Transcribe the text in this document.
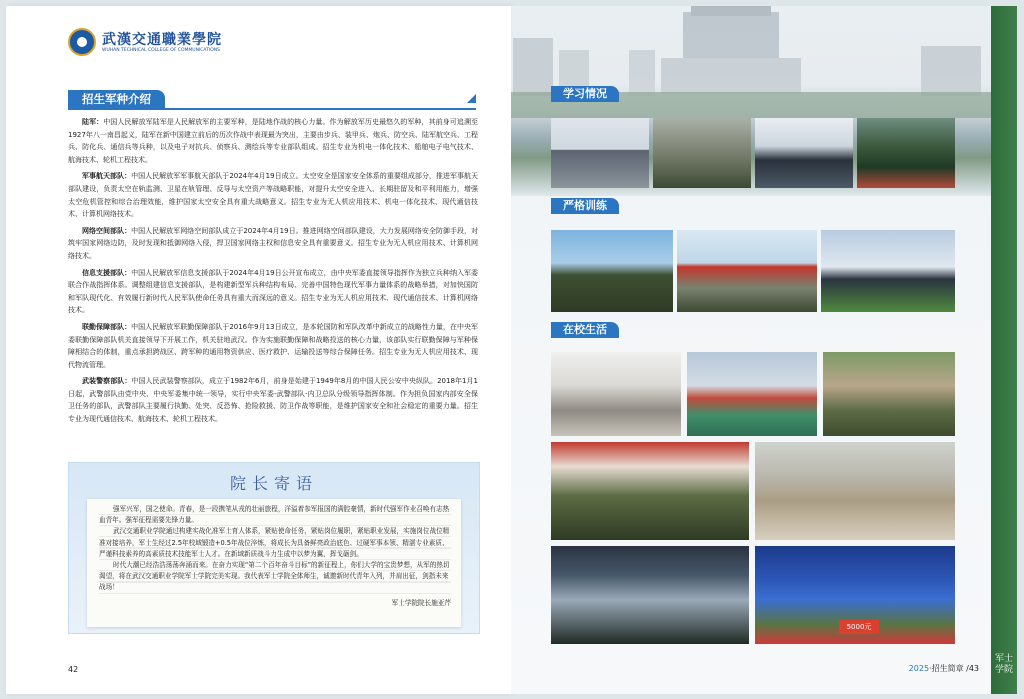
武漢交通職業學院
WUHAN TECHNICAL COLLEGE OF COMMUNICATIONS
招生军种介绍

陆军：中国人民解放军陆军是人民解放军的主要军种，是陆地作战的核心力量。作为解放军历史最悠久的军种，其前身可追溯至1927年八一南昌起义，陆军在新中国建立前后的历次作战中表现最为突出，主要由步兵、装甲兵、炮兵、防空兵、陆军航空兵、工程兵、防化兵、通信兵等兵种，以及电子对抗兵、侦察兵、测绘兵等专业部队组成。招生专业为机电一体化技术、船舶电子电气技术、航海技术、轮机工程技术。

军事航天部队：中国人民解放军军事航天部队于2024年4月19日成立。太空安全是国家安全体系的重要组成部分，推进军事航天部队建设，负责太空在轨监测、卫星在轨管理、反导与太空资产等战略职能，对提升太空安全进入、长期驻留及和平利用能力，增强太空危机管控和综合治理效能，维护国家太空安全具有重大战略意义。招生专业为无人机应用技术、机电一体化技术、现代通信技术、计算机网络技术。

网络空间部队：中国人民解放军网络空间部队成立于2024年4月19日。推进网络空间部队建设，大力发展网络安全防御手段，对筑牢国家网络边防，及时发现和抵御网络入侵，捍卫国家网络主权和信息安全具有重要意义。招生专业为无人机应用技术、计算机网络技术。

信息支援部队：中国人民解放军信息支援部队于2024年4月19日公开宣布成立，由中央军委直接领导指挥作为独立兵种纳入军委联合作战指挥体系。调整组建信息支援部队，是构建新型军兵种结构布局、完善中国特色现代军事力量体系的战略举措，对加快国防和军队现代化、有效履行新时代人民军队使命任务具有重大而深远的意义。招生专业为无人机应用技术、现代通信技术、计算机网络技术。

联勤保障部队：中国人民解放军联勤保障部队于2016年9月13日成立，是本轮国防和军队改革中新成立的战略性力量，在中央军委联勤保障部队机关直接领导下开展工作，机关驻地武汉。作为实施联勤保障和战略投送的核心力量，该部队实行联勤保障与军种保障相结合的体制，重点承担跨战区、跨军种的通用物资供应、医疗救护、运输投送等综合保障任务。招生专业为无人机应用技术、现代物流管理。

武装警察部队：中国人民武装警察部队，成立于1982年6月，前身是始建于1949年8月的中国人民公安中央纵队。2018年1月1日起，武警部队由党中央、中央军委集中统一领导，实行中央军委-武警部队-内卫总队分级领导指挥体制。作为担负国家内部安全保卫任务的部队，武警部队主要履行执勤、处突、反恐怖、抢险救援、防卫作战等职能，是维护国家安全和社会稳定的重要力量。招生专业为现代通信技术、航海技术、轮机工程技术。

院长寄语

强军兴军，国之使命。青春，是一段携笔从戎的壮丽旅程，洋溢着参军报国的满腔豪情，新时代强军作业召唤有志热血青年。强军征程需要先锋力量。

武汉交通职业学院通过构建实战化准军士育人体系，紧贴使命任务，紧贴岗位履职，紧贴职业发展，实施岗位战位精准对接培养，军士生经过2.5年校域锻造+0.5年战位淬炼，将成长为具备鲜亮政治底色、过硬军事本领、精湛专业素质、严谨科技素养的高素质技术技能军士人才。在新域新质战斗力生成中以梦为翼，挥戈砺剑。

时代大潮已经浩浩荡荡奔涌而来。在奋力实现“第二个百年奋斗目标”的新征程上，你们大学的宝贵梦想，从军的热切渴望，将在武汉交通职业学院军士学院完美实现。我代表军士学院全体师生，诚邀新时代青年入列，并肩出征，剑指未来战场！

军士学院院长施亚芹
42
学习情况
严格训练
在校生活
5000元
2025·招生简章 /43
军士学院
